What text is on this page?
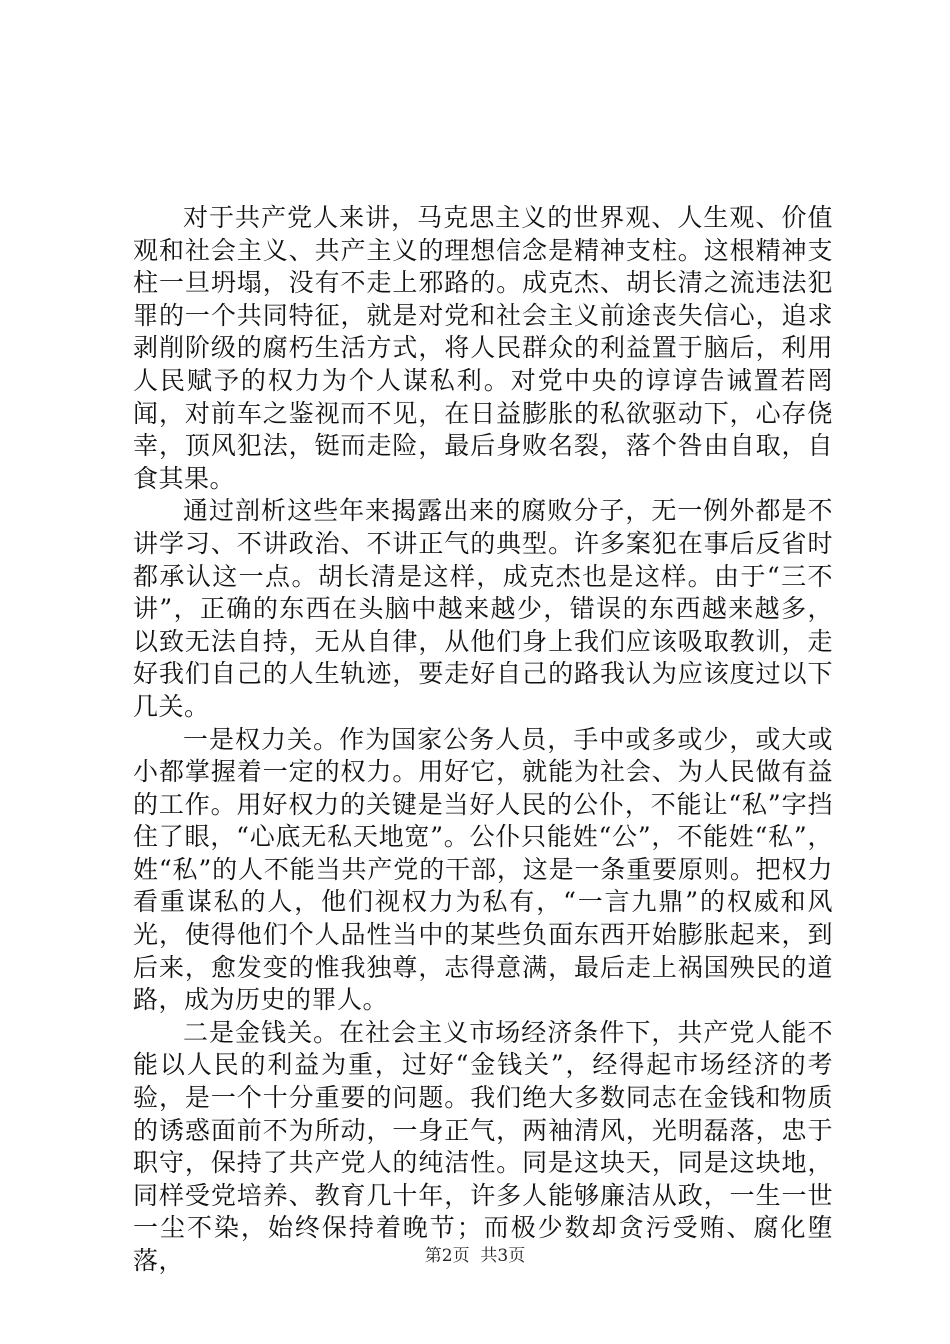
对于共产党人来讲，马克思主义的世界观、人生观、价值观和社会主义、共产主义的理想信念是精神支柱。这根精神支柱一旦坍塌，没有不走上邪路的。成克杰、胡长清之流违法犯罪的一个共同特征，就是对党和社会主义前途丧失信心，追求剥削阶级的腐朽生活方式，将人民群众的利益置于脑后，利用人民赋予的权力为个人谋私利。对党中央的谆谆告诫置若罔闻，对前车之鉴视而不见，在日益膨胀的私欲驱动下，心存侥幸，顶风犯法，铤而走险，最后身败名裂，落个咎由自取，自食其果。

通过剖析这些年来揭露出来的腐败分子，无一例外都是不讲学习、不讲政治、不讲正气的典型。许多案犯在事后反省时都承认这一点。胡长清是这样，成克杰也是这样。由于“三不讲”，正确的东西在头脑中越来越少，错误的东西越来越多，以致无法自持，无从自律，从他们身上我们应该吸取教训，走好我们自己的人生轨迹，要走好自己的路我认为应该度过以下几关。

一是权力关。作为国家公务人员，手中或多或少，或大或小都掌握着一定的权力。用好它，就能为社会、为人民做有益的工作。用好权力的关键是当好人民的公仆，不能让“私”字挡住了眼，“心底无私天地宽”。公仆只能姓“公”，不能姓“私”，姓“私”的人不能当共产党的干部，这是一条重要原则。把权力看重谋私的人，他们视权力为私有，“一言九鼎”的权威和风光，使得他们个人品性当中的某些负面东西开始膨胀起来，到后来，愈发变的惟我独尊，志得意满，最后走上祸国殃民的道路，成为历史的罪人。

二是金钱关。在社会主义市场经济条件下，共产党人能不能以人民的利益为重，过好“金钱关”，经得起市场经济的考验，是一个十分重要的问题。我们绝大多数同志在金钱和物质的诱惑面前不为所动，一身正气，两袖清风，光明磊落，忠于职守，保持了共产党人的纯洁性。同是这块天，同是这块地，同样受党培养、教育几十年，许多人能够廉洁从政，一生一世一尘不染，始终保持着晚节；而极少数却贪污受贿、腐化堕落，	第2页  共3页
